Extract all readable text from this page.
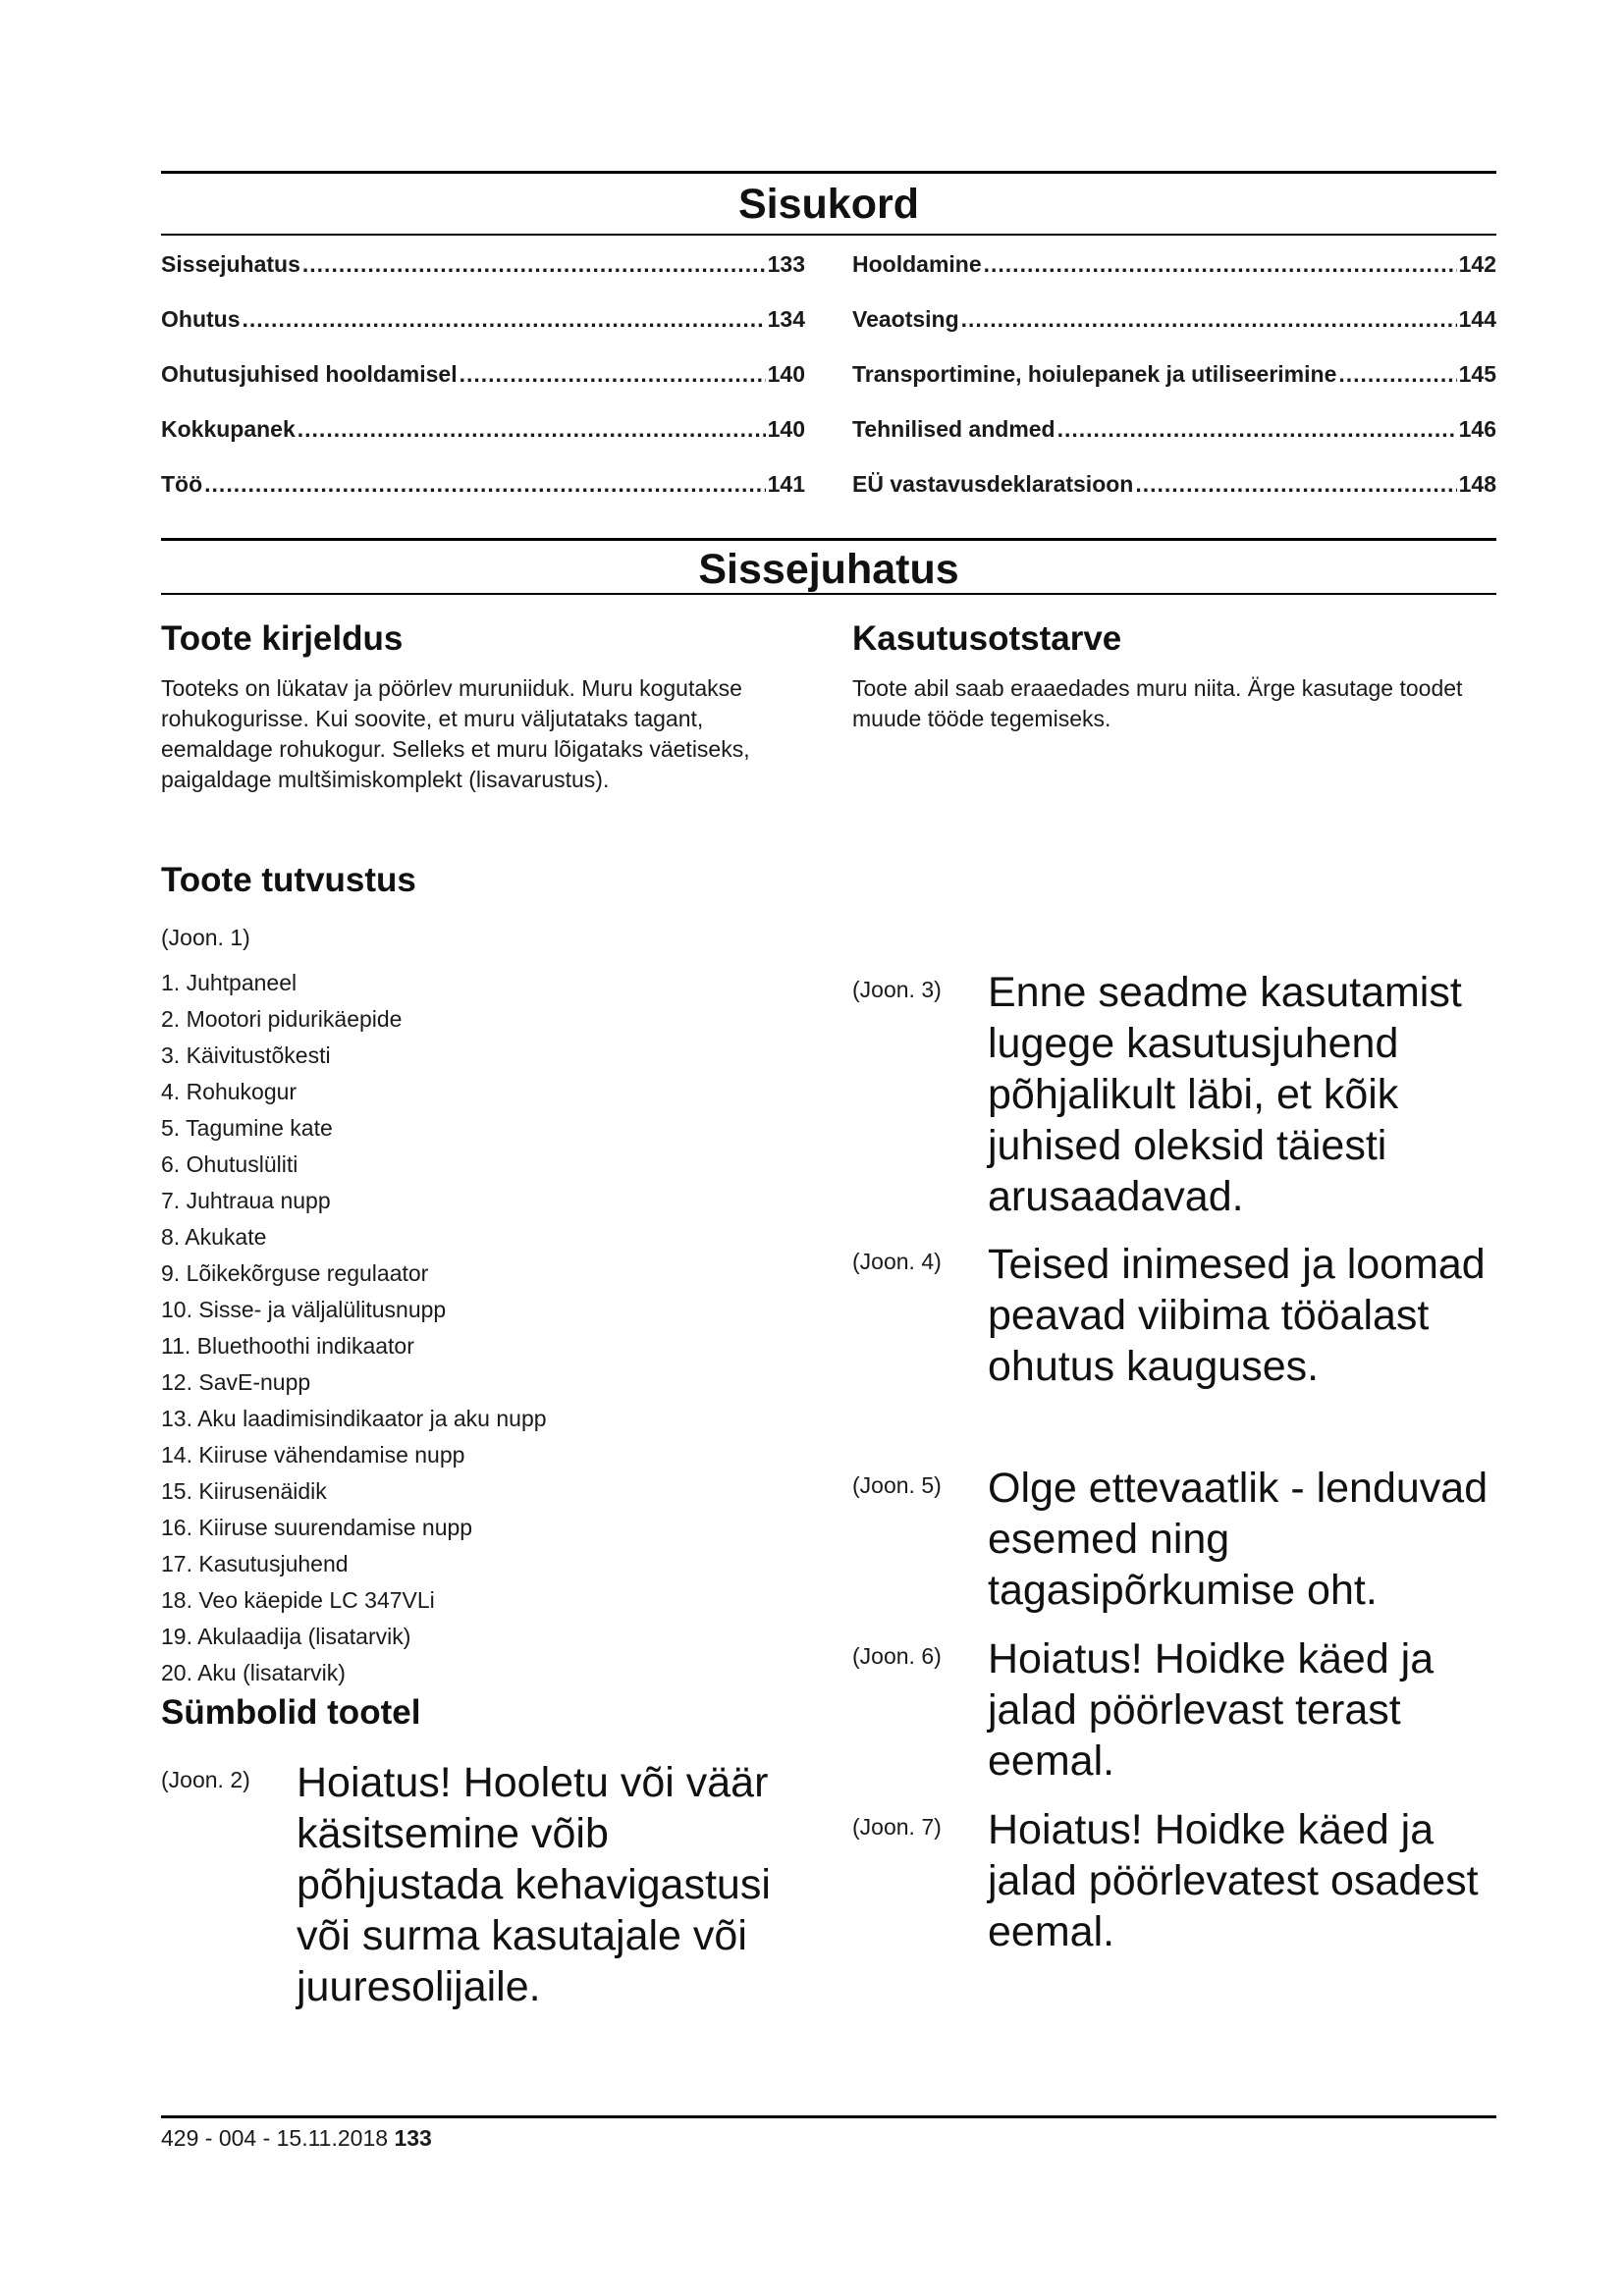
Sisukord
Sissejuhatus .....	133
Ohutus .....	134
Ohutusjuhised hooldamisel .....	140
Kokkupanek .....	140
Töö .....	141
Hooldamine .....	142
Veaotsing .....	144
Transportimine, hoiulepanek ja utiliseerimine .....	145
Tehnilised andmed .....	146
EÜ vastavusdeklaratsioon .....	148
Sissejuhatus
Toote kirjeldus

Tooteks on lükatav ja pöörlev muruniiduk. Muru kogutakse rohukogurisse. Kui soovite, et muru väljutataks tagant, eemaldage rohukogur. Selleks et muru lõigataks väetiseks, paigaldage multšimiskomplekt (lisavarustus).

Kasutusotstarve

Toote abil saab eraaedades muru niita. Ärge kasutage toodet muude tööde tegemiseks.

Toote tutvustus

(Joon. 1)

1. Juhtpaneel
2. Mootori pidurikäepide
3. Käivitustõkesti
4. Rohukogur
5. Tagumine kate
6. Ohutuslüliti
7. Juhtraua nupp
8. Akukate
9. Lõikekõrguse regulaator
10. Sisse- ja väljalülitusnupp
11. Bluethoothi indikaator
12. SavE-nupp
13. Aku laadimisindikaator ja aku nupp
14. Kiiruse vähendamise nupp
15. Kiirusenäidik
16. Kiiruse suurendamise nupp
17. Kasutusjuhend
18. Veo käepide LC 347VLi
19. Akulaadija (lisatarvik)
20. Aku (lisatarvik)
Sümbolid tootel
(Joon. 2)	Hoiatus! Hooletu või väär käsitsemine võib põhjustada kehavigastusi või surma kasutajale või juuresolijaile.
(Joon. 3)	Enne seadme kasutamist lugege kasutusjuhend põhjalikult läbi, et kõik juhised oleksid täiesti arusaadavad.
(Joon. 4)	Teised inimesed ja loomad peavad viibima tööalast ohutus kauguses.
(Joon. 5)	Olge ettevaatlik - lenduvad esemed ning tagasipõrkumise oht.
(Joon. 6)	Hoiatus! Hoidke käed ja jalad pöörlevast terast eemal.
(Joon. 7)	Hoiatus! Hoidke käed ja jalad pöörlevatest osadest eemal.
429 - 004 - 15.11.2018 133
